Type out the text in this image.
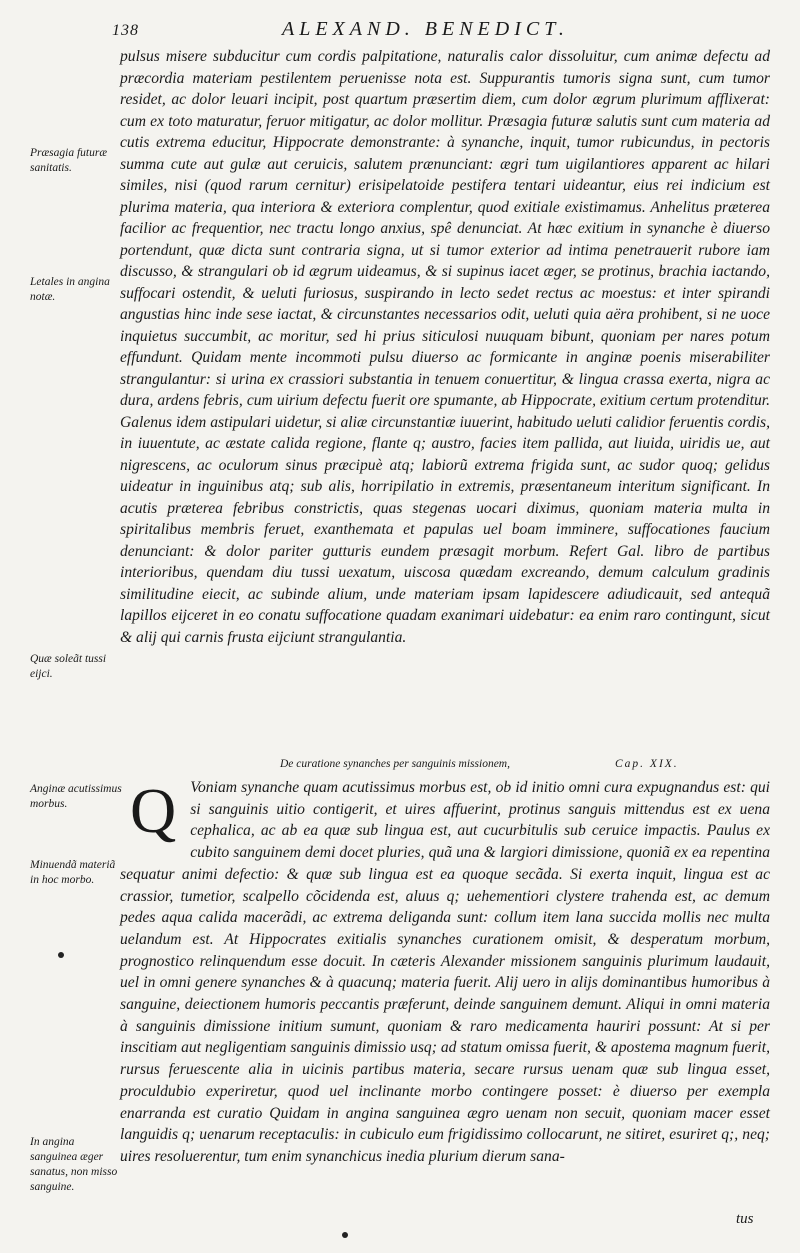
138	ALEXAND. BENEDICT.

pulsus misere subducitur cum cordis palpitatione, naturalis calor dissoluitur, cum animæ defectu ad præcordia materiam pestilentem peruenisse nota est. Suppurantis tumoris signa sunt, cum tumor residet, ac dolor leuari incipit, post quartum præsertim diem, cum dolor ægrum plurimum afflixerat: cum ex toto maturatur, feruor mitigatur, ac dolor mollitur. Præsagia futuræ salutis sunt cum materia ad cutis extrema educitur, Hippocrate demonstrante: à synanche, inquit, tumor rubicundus, in pectoris summa cute aut gulæ aut ceruicis, salutem prænunciant: ægri tum uigilantiores apparent ac hilari similes, nisi (quod rarum cernitur) erisipelatoide pestifera tentari uideantur, eius rei indicium est plurima materia, qua interiora & exteriora complentur, quod exitiale existimamus. Anhelitus præterea facilior ac frequentior, nec tractu longo anxius, spê denunciat. At hæc exitium in synanche è diuerso portendunt, quæ dicta sunt contraria signa, ut si tumor exterior ad intima penetrauerit rubore iam discusso, & strangulari ob id ægrum uideamus, & si supinus iacet æger, se protinus, brachia iactando, suffocari ostendit, & ueluti furiosus, suspirando in lecto sedet rectus ac moestus: et inter spirandi angustias hinc inde sese iactat, & circunstantes necessarios odit, ueluti quia aëra prohibent, si ne uoce inquietus succumbit, ac moritur, sed hi prius siticulosi nuuquam bibunt, quoniam per nares potum effundunt. Quidam mente incommoti pulsu diuerso ac formicante in anginæ poenis miserabiliter strangulantur: si urina ex crassiori substantia in tenuem conuertitur, & lingua crassa exerta, nigra ac dura, ardens febris, cum uirium defectu fuerit ore spumante, ab Hippocrate, exitium certum protenditur. Galenus idem astipulari uidetur, si aliæ circunstantiæ iuuerint, habitudo ueluti calidior feruentis cordis, in iuuentute, ac æstate calida regione, flante q; austro, facies item pallida, aut liuida, uiridis ue, aut nigrescens, ac oculorum sinus præcipuè atq; labiorũ extrema frigida sunt, ac sudor quoq; gelidus uideatur in inguinibus atq; sub alis, horripilatio in extremis, præsentaneum interitum significant. In acutis præterea febribus constrictis, quas stegenas uocari diximus, quoniam materia multa in spiritalibus membris feruet, exanthemata et papulas uel boam imminere, suffocationes faucium denunciant: & dolor pariter gutturis eundem præsagit morbum. Refert Gal. libro de partibus interioribus, quendam diu tussi uexatum, uiscosa quædam excreando, demum calculum gradinis similitudine eiecit, ac subinde alium, unde materiam ipsam lapidescere adiudicauit, sed antequã lapillos eijceret in eo conatu suffocatione quadam exanimari uidebatur: ea enim raro contingunt, sicut & alij qui carnis frusta eijciunt strangulantia.

De curatione synanches per sanguinis missionem,	Cap. XIX.
Q Voniam synanche quam acutissimus morbus est, ob id initio omni cura expugnandus est: qui si sanguinis uitio contigerit, et uires affuerint, protinus sanguis mittendus est ex uena cephalica, ac ab ea quæ sub lingua est, aut cucurbitulis sub ceruice impactis. Paulus ex cubito sanguinem demi docet pluries, quã una & largiori dimissione, quoniã ex ea repentina sequatur animi defectio: & quæ sub lingua est ea quoque secãda. Si exerta inquit, lingua est ac crassior, tumetior, scalpello cõcidenda est, aluus q; uehementiori clystere trahenda est, ac demum pedes aqua calida macerãdi, ac extrema deliganda sunt: collum item lana succida mollis nec multa uelandum est. At Hippocrates exitialis synanches curationem omisit, & desperatum morbum, prognostico relinquendum esse docuit. In cæteris Alexander missionem sanguinis plurimum laudauit, uel in omni genere synanches & à quacunq; materia fuerit. Alij uero in alijs dominantibus humoribus à sanguine, deiectionem humoris peccantis præferunt, deinde sanguinem demunt. Aliqui in omni materia à sanguinis dimissione initium sumunt, quoniam & raro medicamenta hauriri possunt: At si per inscitiam aut negligentiam sanguinis dimissio usq; ad statum omissa fuerit, & apostema magnum fuerit, rursus feruescente alia in uicinis partibus materia, secare rursus uenam quæ sub lingua esset, proculdubio experiretur, quod uel inclinante morbo contingere posset: è diuerso per exempla enarranda est curatio Quidam in angina sanguinea ægro uenam non secuit, quoniam macer esset languidis q; uenarum receptaculis: in cubiculo eum frigidissimo collocarunt, ne sitiret, esuriret q;, neq; uires resoluerentur, tum enim synanchicus inedia plurium dierum sana-

tus
Præsagia futuræ sanitatis.
Letales in angina notæ.
Quæ soleãt tussi eijci.
Anginæ acutissimus morbus.
Minuendã materiã in hoc morbo.
In angina sanguinea æger sanatus, non misso sanguine.
